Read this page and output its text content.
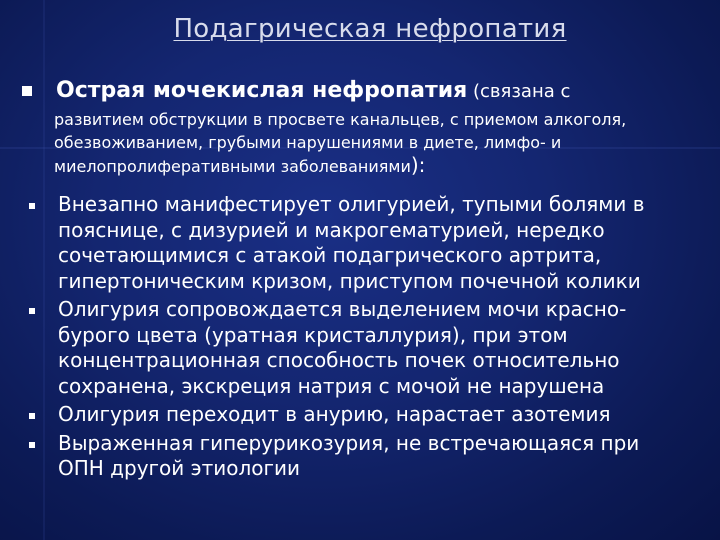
Подагрическая нефропатия
Острая мочекислая нефропатия (связана с
развитием обструкции в просвете канальцев, с приемом алкоголя, обезвоживанием, грубыми нарушениями в диете, лимфо- и миелопролиферативными заболеваниями):
Внезапно манифестирует олигурией, тупыми болями в пояснице, с дизурией и макрогематурией, нередко сочетающимися с атакой подагрического артрита, гипертоническим кризом, приступом почечной колики
Олигурия сопровождается выделением мочи красно-бурого цвета (уратная кристаллурия), при этом концентрационная способность почек относительно сохранена, экскреция натрия с мочой не нарушена
Олигурия переходит в анурию, нарастает азотемия
Выраженная гиперурикозурия, не встречающаяся при ОПН другой этиологии
